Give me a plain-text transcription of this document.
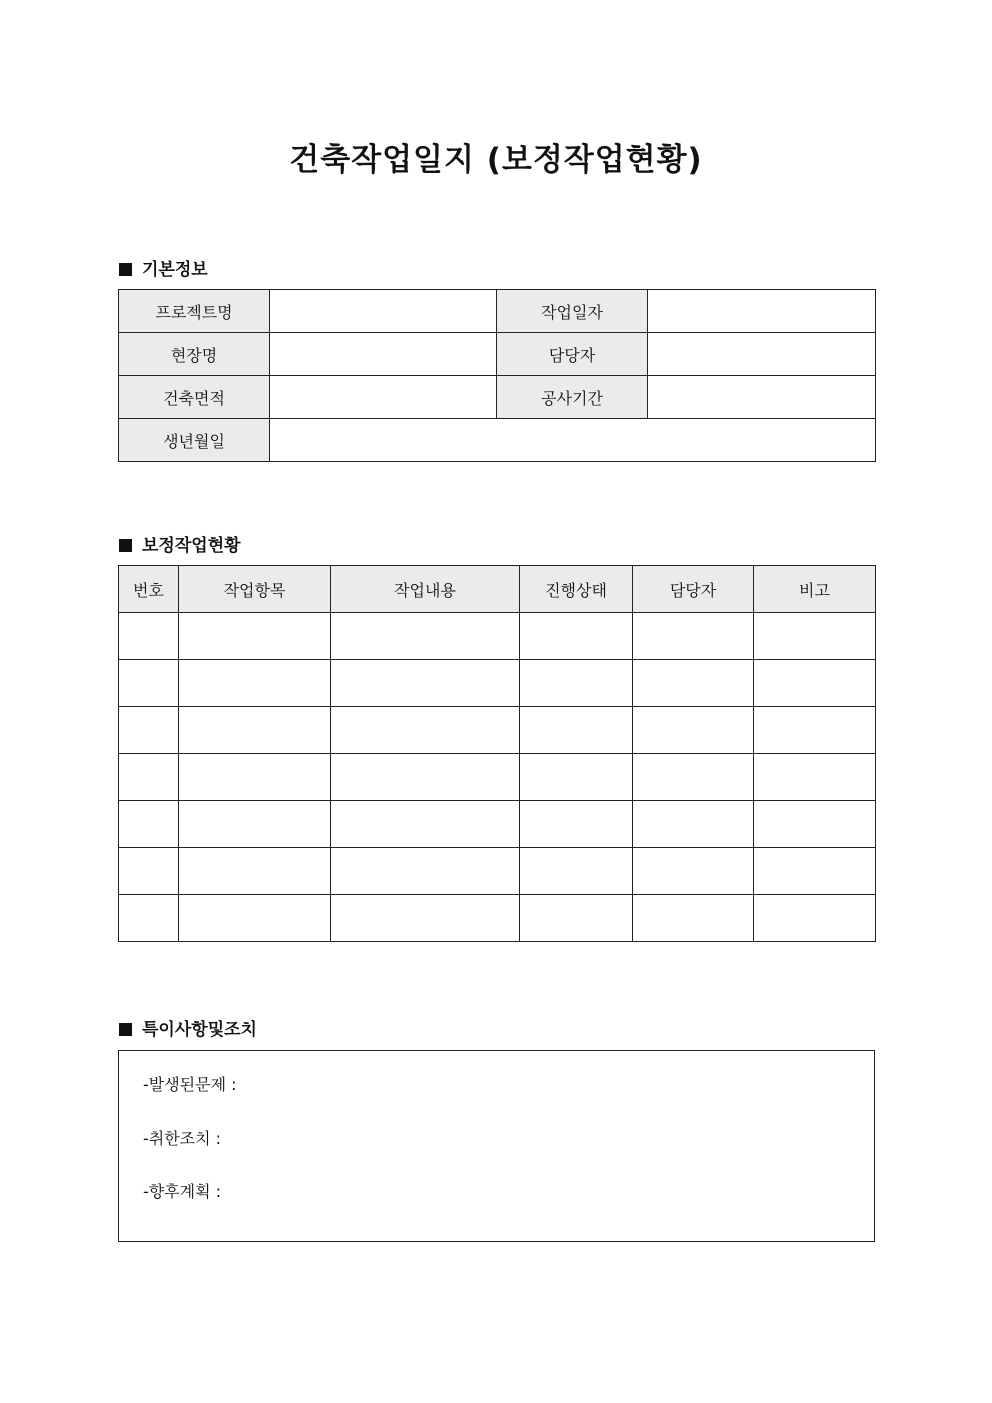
건축작업일지 (보정작업현황)
기본정보
프로젝트명		작업일자	
현장명		담당자	
건축면적		공사기간	
생년월일			
보정작업현황
번호	작업항목	작업내용	진행상태	담당자	비고

특이사항및조치
-발생된문제 :
-취한조치 :
-향후계획 :
